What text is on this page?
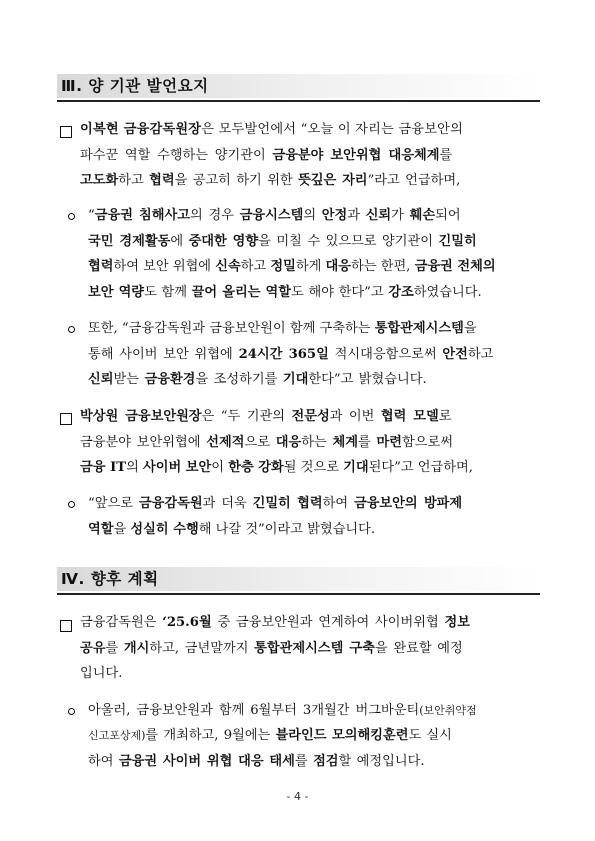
Ⅲ. 양 기관 발언요지
이복현 금융감독원장은 모두발언에서 “오늘 이 자리는 금융보안의
파수꾼 역할 수행하는 양기관이 금융분야 보안위협 대응체계를
고도화하고 협력을 공고히 하기 위한 뜻깊은 자리”라고 언급하며,
“금융권 침해사고의 경우 금융시스템의 안정과 신뢰가 훼손되어
국민 경제활동에 중대한 영향을 미칠 수 있으므로 양기관이 긴밀히
협력하여 보안 위협에 신속하고 정밀하게 대응하는 한편, 금융권 전체의
보안 역량도 함께 끌어 올리는 역할도 해야 한다”고 강조하였습니다.
또한, “금융감독원과 금융보안원이 함께 구축하는 통합관제시스템을
통해 사이버 보안 위협에 24시간 365일 적시대응함으로써 안전하고
신뢰받는 금융환경을 조성하기를 기대한다”고 밝혔습니다.
박상원 금융보안원장은 “두 기관의 전문성과 이번 협력 모델로
금융분야 보안위협에 선제적으로 대응하는 체계를 마련함으로써
금융 IT의 사이버 보안이 한층 강화될 것으로 기대된다”고 언급하며,
“앞으로 금융감독원과 더욱 긴밀히 협력하여 금융보안의 방파제
역할을 성실히 수행해 나갈 것”이라고 밝혔습니다.
Ⅳ. 향후 계획
금융감독원은 ‘25.6월 중 금융보안원과 연계하여 사이버위협 정보
공유를 개시하고, 금년말까지 통합관제시스템 구축을 완료할 예정
입니다.
아울러, 금융보안원과 함께 6월부터 3개월간 버그바운티(보안취약점
신고포상제)를 개최하고, 9월에는 블라인드 모의해킹훈련도 실시
하여 금융권 사이버 위협 대응 태세를 점검할 예정입니다.
- 4 -
